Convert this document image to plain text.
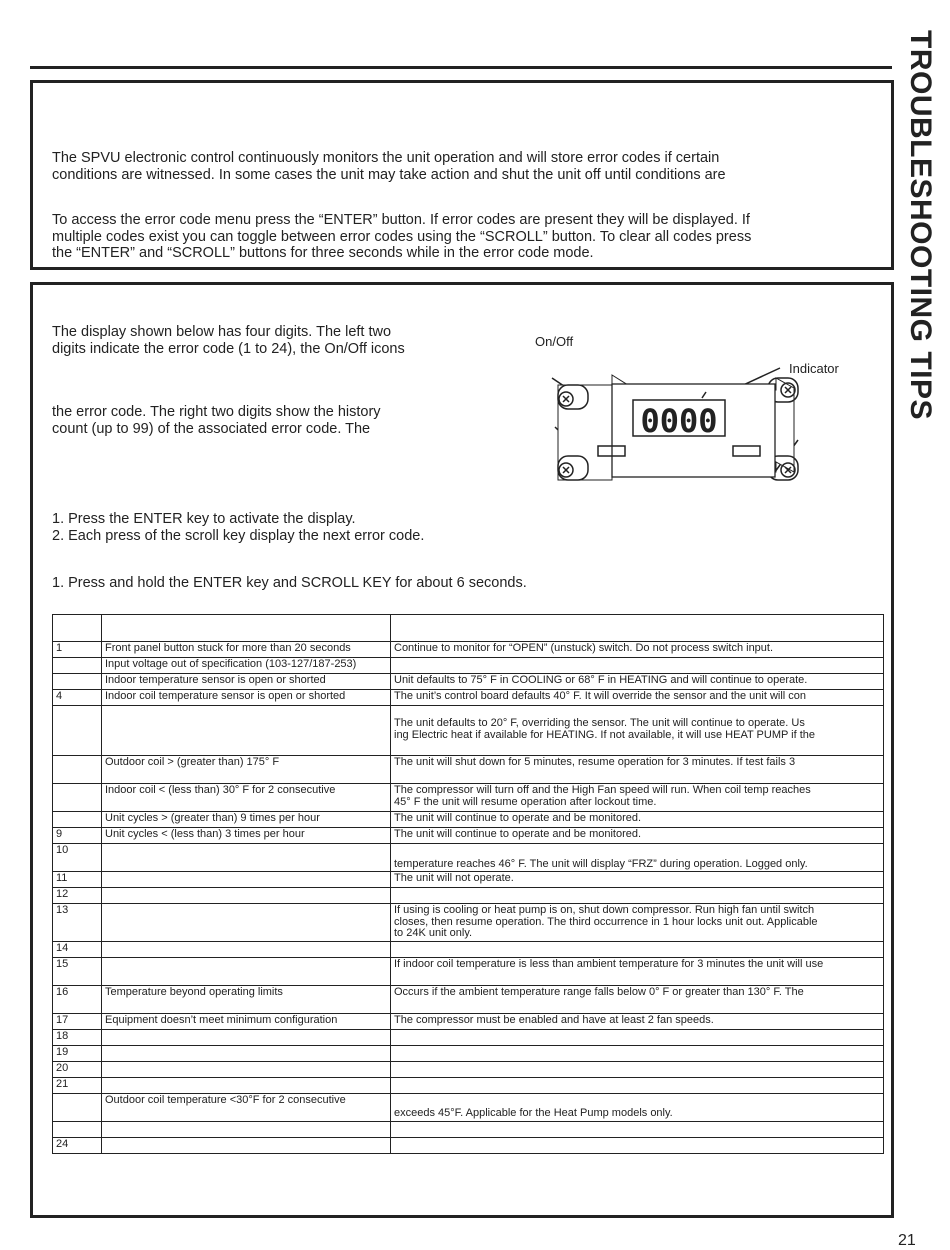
TROUBLESHOOTING TIPS
The SPVU electronic control continuously monitors the unit operation and will store error codes if certain
conditions are witnessed. In some cases the unit may take action and shut the unit off until conditions are
To access the error code menu press the “ENTER” button. If error codes are present they will be displayed. If
multiple codes exist you can toggle between error codes using the “SCROLL” button. To clear all codes press
the “ENTER” and “SCROLL” buttons for three seconds while in the error code mode.
The display shown below has four digits. The left two
digits indicate the error code (1 to 24), the On/Off icons
the error code. The right two digits show the history
count (up to 99) of the associated error code. The
On/Off
Indicator
0000
1. Press the ENTER key to activate the display.
2. Each press of the scroll key display the next error code.
1. Press and hold the ENTER key and SCROLL KEY for about 6 seconds.

1	Front panel button stuck for more than 20 seconds	Continue to monitor for “OPEN” (unstuck) switch. Do not process switch input.
	Input voltage out of specification (103-127/187-253)	
	Indoor temperature sensor is open or shorted	Unit defaults to 75° F in COOLING or 68° F in HEATING and will continue to operate.
4	Indoor coil temperature sensor is open or shorted	The unit’s control board defaults 40° F. It will override the sensor and the unit will con
		The unit defaults to 20° F, overriding the sensor. The unit will continue to operate. Us
ing Electric heat if available for HEATING. If not available, it will use HEAT PUMP if the
	Outdoor coil > (greater than) 175° F	The unit will shut down for 5 minutes, resume operation for 3 minutes. If test fails 3
	Indoor coil < (less than) 30° F for 2 consecutive	The compressor will turn off and the High Fan speed will run. When coil temp reaches
45° F the unit will resume operation after lockout time.
	Unit cycles > (greater than) 9 times per hour	The unit will continue to operate and be monitored.
9	Unit cycles < (less than) 3 times per hour	The unit will continue to operate and be monitored.
10		temperature reaches 46° F. The unit will display “FRZ” during operation. Logged only.
11		The unit will not operate.
12		
13		If using is cooling or heat pump is on, shut down compressor. Run high fan until switch
closes, then resume operation. The third occurrence in 1 hour locks unit out. Applicable
to 24K unit only.
14		
15		If indoor coil temperature is less than ambient temperature for 3 minutes the unit will use
16	Temperature beyond operating limits	Occurs if the ambient temperature range falls below 0° F or greater than 130° F. The
17	Equipment doesn’t meet minimum configuration	The compressor must be enabled and have at least 2 fan speeds.
18		
19		
20		
21		
	Outdoor coil temperature <30°F for 2 consecutive	exceeds 45°F. Applicable for the Heat Pump models only.

24		
21
